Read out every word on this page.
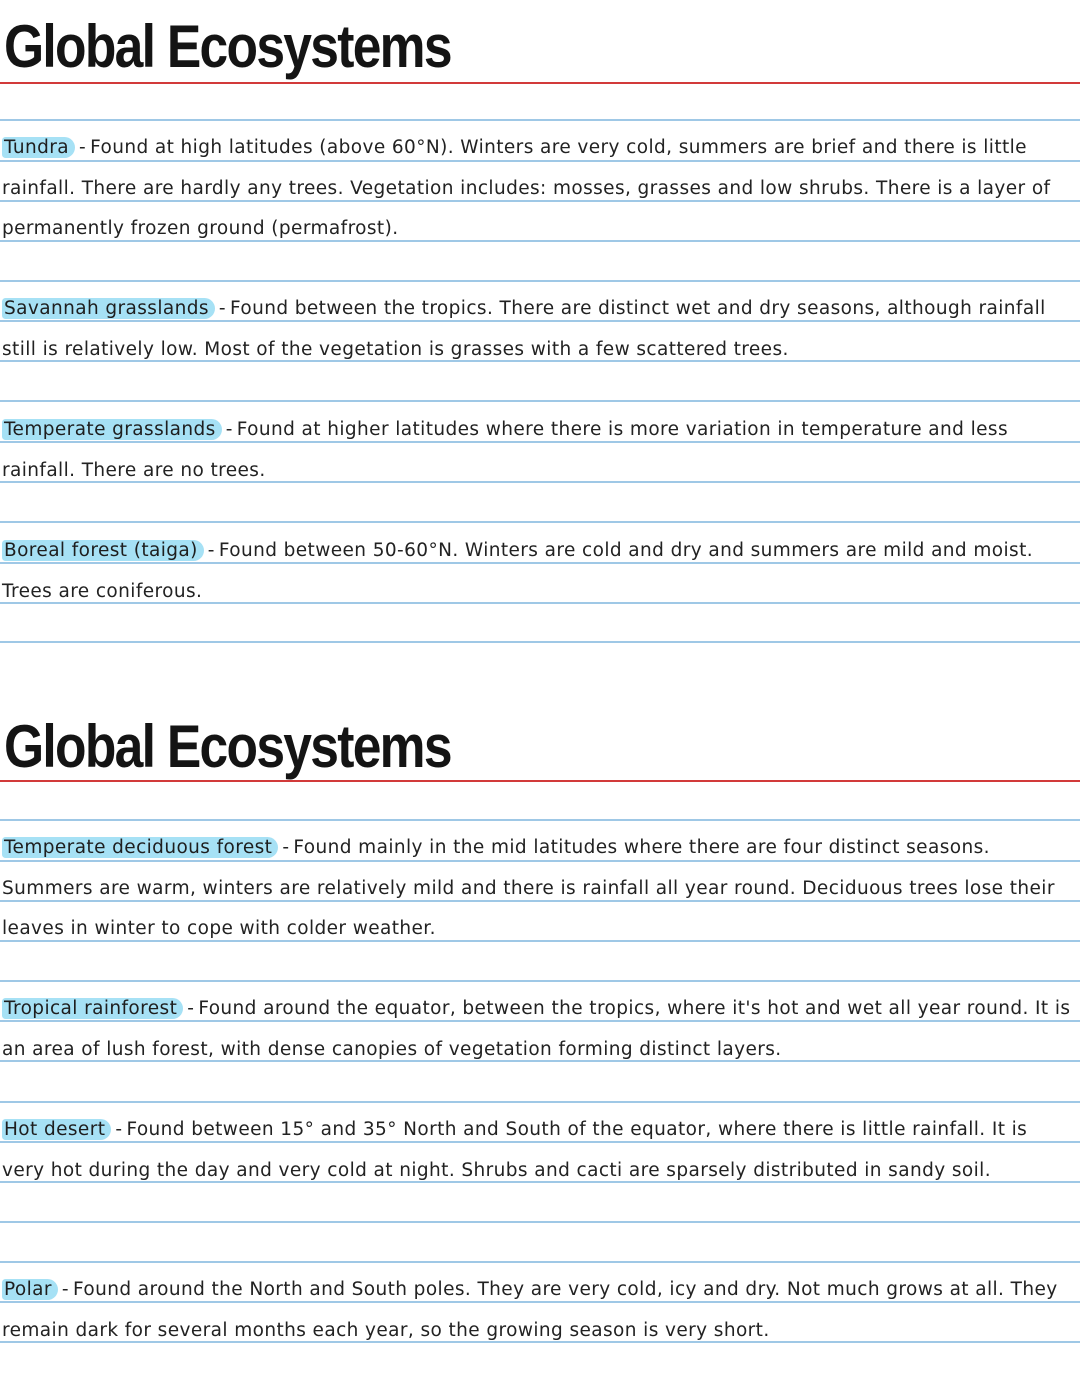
Global Ecosystems

Tundra - Found at high latitudes (above 60°N). Winters are very cold, summers are brief and there is little rainfall. There are hardly any trees. Vegetation includes: mosses, grasses and low shrubs. There is a layer of permanently frozen ground (permafrost).

Savannah grasslands - Found between the tropics. There are distinct wet and dry seasons, although rainfall still is relatively low. Most of the vegetation is grasses with a few scattered trees.

Temperate grasslands - Found at higher latitudes where there is more variation in temperature and less rainfall. There are no trees.

Boreal forest (taiga) - Found between 50-60°N. Winters are cold and dry and summers are mild and moist. Trees are coniferous.

Global Ecosystems

Temperate deciduous forest - Found mainly in the mid latitudes where there are four distinct seasons. Summers are warm, winters are relatively mild and there is rainfall all year round. Deciduous trees lose their leaves in winter to cope with colder weather.

Tropical rainforest - Found around the equator, between the tropics, where it's hot and wet all year round. It is an area of lush forest, with dense canopies of vegetation forming distinct layers.

Hot desert - Found between 15° and 35° North and South of the equator, where there is little rainfall. It is very hot during the day and very cold at night. Shrubs and cacti are sparsely distributed in sandy soil.

Polar - Found around the North and South poles. They are very cold, icy and dry. Not much grows at all. They remain dark for several months each year, so the growing season is very short.
